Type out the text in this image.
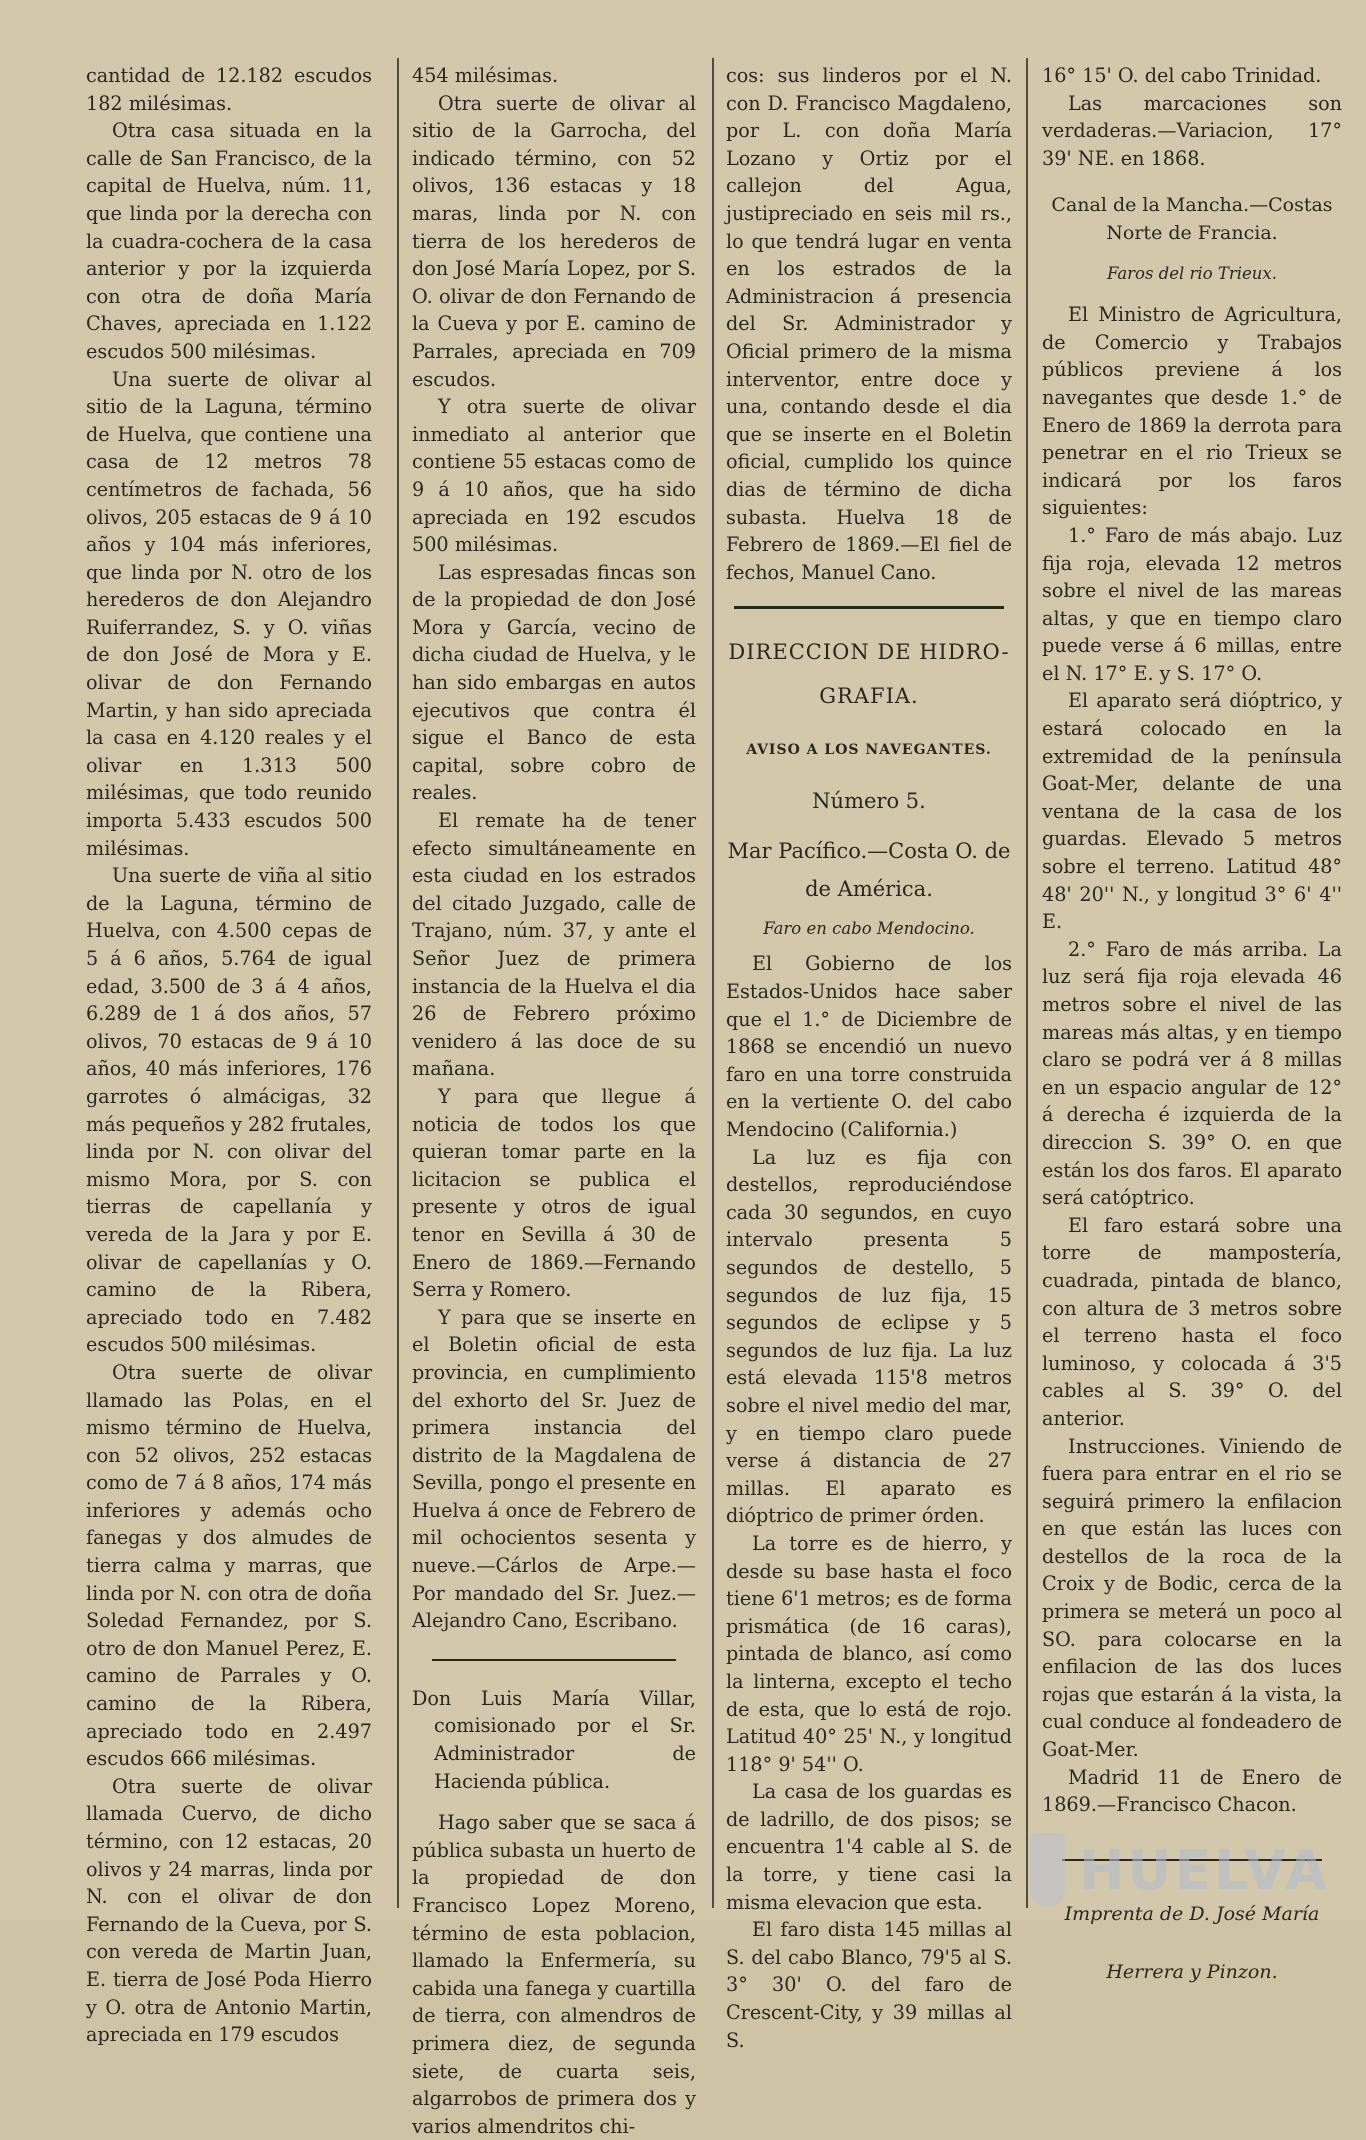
cantidad de 12.182 escudos 182 milésimas.

Otra casa situada en la calle de San Francisco, de la capital de Huelva, núm. 11, que linda por la derecha con la cuadra-cochera de la casa anterior y por la izquierda con otra de doña María Chaves, apreciada en 1.122 escudos 500 milésimas.

Una suerte de olivar al sitio de la Laguna, término de Huelva, que contiene una casa de 12 metros 78 centímetros de fachada, 56 olivos, 205 estacas de 9 á 10 años y 104 más inferiores, que linda por N. otro de los herederos de don Alejandro Ruiferrandez, S. y O. viñas de don José de Mora y E. olivar de don Fernando Martin, y han sido apreciada la casa en 4.120 reales y el olivar en 1.313 500 milésimas, que todo reunido importa 5.433 escudos 500 milésimas.

Una suerte de viña al sitio de la Laguna, término de Huelva, con 4.500 cepas de 5 á 6 años, 5.764 de igual edad, 3.500 de 3 á 4 años, 6.289 de 1 á dos años, 57 olivos, 70 estacas de 9 á 10 años, 40 más inferiores, 176 garrotes ó almácigas, 32 más pequeños y 282 frutales, linda por N. con olivar del mismo Mora, por S. con tierras de capellanía y vereda de la Jara y por E. olivar de capellanías y O. camino de la Ribera, apreciado todo en 7.482 escudos 500 milésimas.

Otra suerte de olivar llamado las Polas, en el mismo término de Huelva, con 52 olivos, 252 estacas como de 7 á 8 años, 174 más inferiores y además ocho fanegas y dos almudes de tierra calma y marras, que linda por N. con otra de doña Soledad Fernandez, por S. otro de don Manuel Perez, E. camino de Parrales y O. camino de la Ribera, apreciado todo en 2.497 escudos 666 milésimas.

Otra suerte de olivar llamada Cuervo, de dicho término, con 12 estacas, 20 olivos y 24 marras, linda por N. con el olivar de don Fernando de la Cueva, por S. con vereda de Martin Juan, E. tierra de José Poda Hierro y O. otra de Antonio Martin, apreciada en 179 escudos

454 milésimas.

Otra suerte de olivar al sitio de la Garrocha, del indicado término, con 52 olivos, 136 estacas y 18 maras, linda por N. con tierra de los herederos de don José María Lopez, por S. O. olivar de don Fernando de la Cueva y por E. camino de Parrales, apreciada en 709 escudos.

Y otra suerte de olivar inmediato al anterior que contiene 55 estacas como de 9 á 10 años, que ha sido apreciada en 192 escudos 500 milésimas.

Las espresadas fincas son de la propiedad de don José Mora y García, vecino de dicha ciudad de Huelva, y le han sido embargas en autos ejecutivos que contra él sigue el Banco de esta capital, sobre cobro de reales.

El remate ha de tener efecto simultáneamente en esta ciudad en los estrados del citado Juzgado, calle de Trajano, núm. 37, y ante el Señor Juez de primera instancia de la Huelva el dia 26 de Febrero próximo venidero á las doce de su mañana.

Y para que llegue á noticia de todos los que quieran tomar parte en la licitacion se publica el presente y otros de igual tenor en Sevilla á 30 de Enero de 1869.—Fernando Serra y Romero.

Y para que se inserte en el Boletin oficial de esta provincia, en cumplimiento del exhorto del Sr. Juez de primera instancia del distrito de la Magdalena de Sevilla, pongo el presente en Huelva á once de Febrero de mil ochocientos sesenta y nueve.—Cárlos de Arpe.—Por mandado del Sr. Juez.—Alejandro Cano, Escribano.

Don Luis María Villar, comisionado por el Sr. Administrador de Hacienda pública.

Hago saber que se saca á pública subasta un huerto de la propiedad de don Francisco Lopez Moreno, término de esta poblacion, llamado la Enfermería, su cabida una fanega y cuartilla de tierra, con almendros de primera diez, de segunda siete, de cuarta seis, algarrobos de primera dos y varios almendritos chi-

cos: sus linderos por el N. con D. Francisco Magdaleno, por L. con doña María Lozano y Ortiz por el callejon del Agua, justipreciado en seis mil rs., lo que tendrá lugar en venta en los estrados de la Administracion á presencia del Sr. Administrador y Oficial primero de la misma interventor, entre doce y una, contando desde el dia que se inserte en el Boletin oficial, cumplido los quince dias de término de dicha subasta. Huelva 18 de Febrero de 1869.—El fiel de fechos, Manuel Cano.

DIRECCION DE HIDRO-

GRAFIA.

AVISO A LOS NAVEGANTES.

Número 5.

Mar Pacífico.—Costa O. de

de América.

Faro en cabo Mendocino.

El Gobierno de los Estados-Unidos hace saber que el 1.° de Diciembre de 1868 se encendió un nuevo faro en una torre construida en la vertiente O. del cabo Mendocino (California.)

La luz es fija con destellos, reproduciéndose cada 30 segundos, en cuyo intervalo presenta 5 segundos de destello, 5 segundos de luz fija, 15 segundos de eclipse y 5 segundos de luz fija. La luz está elevada 115'8 metros sobre el nivel medio del mar, y en tiempo claro puede verse á distancia de 27 millas. El aparato es dióptrico de primer órden.

La torre es de hierro, y desde su base hasta el foco tiene 6'1 metros; es de forma prismática (de 16 caras), pintada de blanco, así como la linterna, excepto el techo de esta, que lo está de rojo. Latitud 40° 25' N., y longitud 118° 9' 54'' O.

La casa de los guardas es de ladrillo, de dos pisos; se encuentra 1'4 cable al S. de la torre, y tiene casi la misma elevacion que esta.

El faro dista 145 millas al S. del cabo Blanco, 79'5 al S. 3° 30' O. del faro de Crescent-City, y 39 millas al S.

16° 15' O. del cabo Trinidad.

Las marcaciones son verdaderas.—Variacion, 17° 39' NE. en 1868.

Canal de la Mancha.—Costas

Norte de Francia.

Faros del rio Trieux.

El Ministro de Agricultura, de Comercio y Trabajos públicos previene á los navegantes que desde 1.° de Enero de 1869 la derrota para penetrar en el rio Trieux se indicará por los faros siguientes:

1.° Faro de más abajo. Luz fija roja, elevada 12 metros sobre el nivel de las mareas altas, y que en tiempo claro puede verse á 6 millas, entre el N. 17° E. y S. 17° O.

El aparato será dióptrico, y estará colocado en la extremidad de la península Goat-Mer, delante de una ventana de la casa de los guardas. Elevado 5 metros sobre el terreno. Latitud 48° 48' 20'' N., y longitud 3° 6' 4'' E.

2.° Faro de más arriba. La luz será fija roja elevada 46 metros sobre el nivel de las mareas más altas, y en tiempo claro se podrá ver á 8 millas en un espacio angular de 12° á derecha é izquierda de la direccion S. 39° O. en que están los dos faros. El aparato será catóptrico.

El faro estará sobre una torre de mampostería, cuadrada, pintada de blanco, con altura de 3 metros sobre el terreno hasta el foco luminoso, y colocada á 3'5 cables al S. 39° O. del anterior.

Instrucciones. Viniendo de fuera para entrar en el rio se seguirá primero la enfilacion en que están las luces con destellos de la roca de la Croix y de Bodic, cerca de la primera se meterá un poco al SO. para colocarse en la enfilacion de las dos luces rojas que estarán á la vista, la cual conduce al fondeadero de Goat-Mer.

Madrid 11 de Enero de 1869.—Francisco Chacon.

Imprenta de D. José María

Herrera y Pinzon.

HUELVA
